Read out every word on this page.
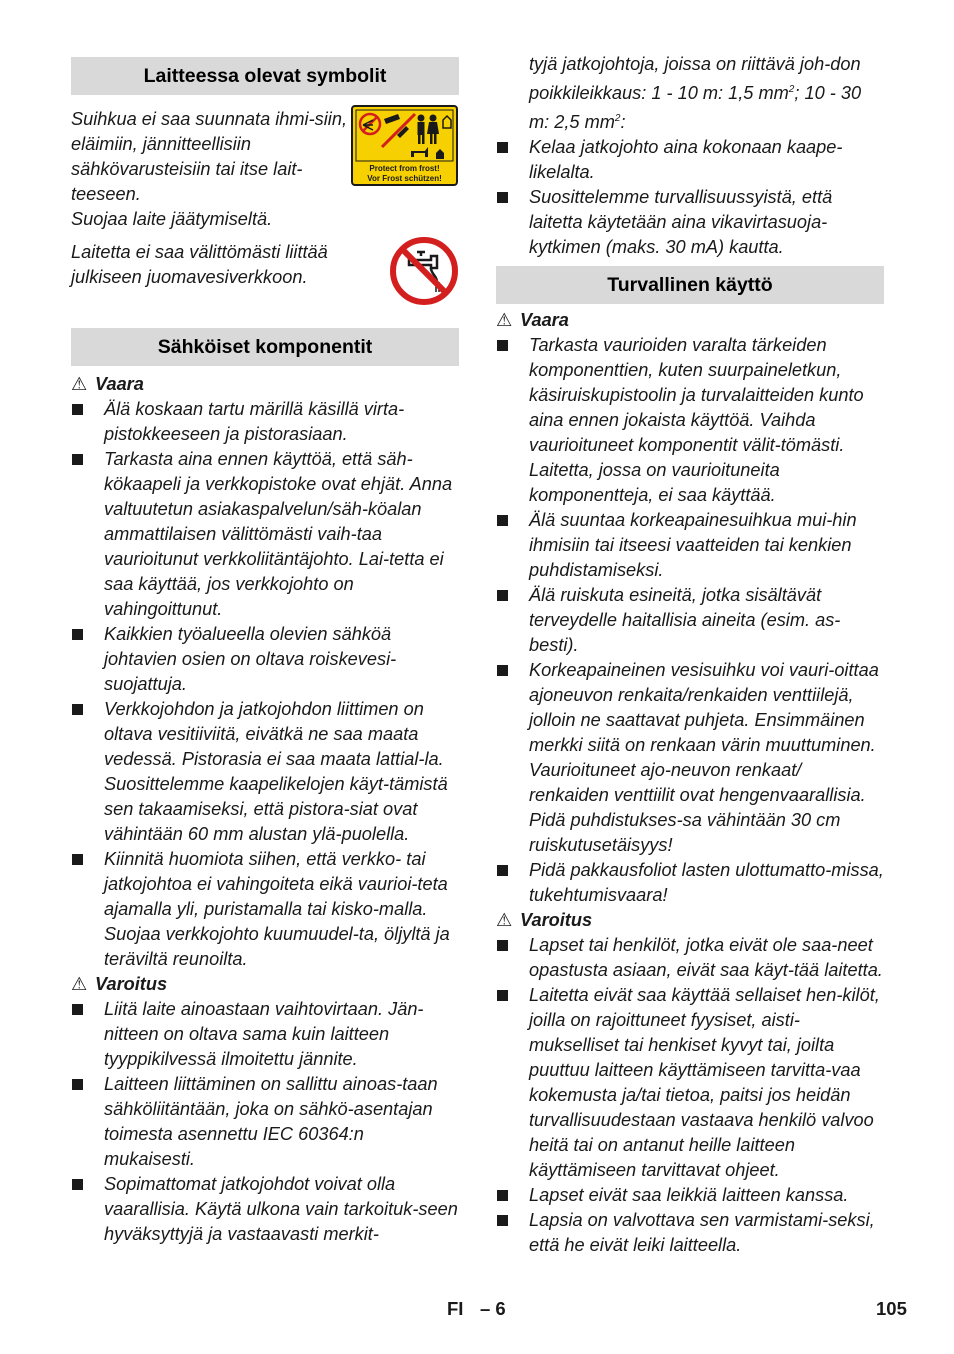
Laitteessa olevat symbolit

Suihkua ei saa suunnata ihmi-siin, eläimiin, jännitteellisiin sähkövarusteisiin tai itse lait-teeseen.

Suojaa laite jäätymiseltä.

Protect from frost!
Vor Frost schützen!

Laitetta ei saa välittömästi liittää julkiseen juomavesiverkkoon.

Sähköiset komponentit

⚠ Vaara

Älä koskaan tartu märillä käsillä virta-pistokkeeseen ja pistorasiaan.
Tarkasta aina ennen käyttöä, että säh-kökaapeli ja verkkopistoke ovat ehjät. Anna valtuutetun asiakaspalvelun/säh-köalan ammattilaisen välittömästi vaih-taa vaurioitunut verkkoliitäntäjohto. Lai-tetta ei saa käyttää, jos verkkojohto on vahingoittunut.
Kaikkien työalueella olevien sähköä johtavien osien on oltava roiskevesi-suojattuja.
Verkkojohdon ja jatkojohdon liittimen on oltava vesitiiviitä, eivätkä ne saa maata vedessä. Pistorasia ei saa maata lattial-la. Suosittelemme kaapelikelojen käyt-tämistä sen takaamiseksi, että pistora-siat ovat vähintään 60 mm alustan ylä-puolella.
Kiinnitä huomiota siihen, että verkko- tai jatkojohtoa ei vahingoiteta eikä vaurioi-teta ajamalla yli, puristamalla tai kisko-malla. Suojaa verkkojohto kuumuudel-ta, öljyltä ja teräviltä reunoilta.

⚠ Varoitus

Liitä laite ainoastaan vaihtovirtaan. Jän-nitteen on oltava sama kuin laitteen tyyppikilvessä ilmoitettu jännite.
Laitteen liittäminen on sallittu ainoas-taan sähköliitäntään, joka on sähkö-asentajan toimesta asennettu IEC 60364:n mukaisesti.
Sopimattomat jatkojohdot voivat olla vaarallisia. Käytä ulkona vain tarkoituk-seen hyväksyttyjä ja vastaavasti merkit-

tyjä jatkojohtoja, joissa on riittävä joh-don poikkileikkaus: 1 - 10 m: 1,5 $mm^2$; 10 - 30 m: 2,5 $mm^2$:

Kelaa jatkojohto aina kokonaan kaape-likelalta.
Suosittelemme turvallisuussyistä, että laitetta käytetään aina vikavirtasuoja-kytkimen (maks. 30 mA) kautta.
Turvallinen käyttö

⚠ Vaara

Tarkasta vaurioiden varalta tärkeiden komponenttien, kuten suurpaineletkun, käsiruiskupistoolin ja turvalaitteiden kunto aina ennen jokaista käyttöä. Vaihda vaurioituneet komponentit välit-tömästi. Laitetta, jossa on vaurioituneita komponentteja, ei saa käyttää.
Älä suuntaa korkeapainesuihkua mui-hin ihmisiin tai itseesi vaatteiden tai kenkien puhdistamiseksi.
Älä ruiskuta esineitä, jotka sisältävät terveydelle haitallisia aineita (esim. as-besti).
Korkeapaineinen vesisuihku voi vauri-oittaa ajoneuvon renkaita/renkaiden venttiilejä, jolloin ne saattavat puhjeta. Ensimmäinen merkki siitä on renkaan värin muuttuminen. Vaurioituneet ajo-neuvon renkaat/ renkaiden venttiilit ovat hengenvaarallisia. Pidä puhdistukses-sa vähintään 30 cm ruiskutusetäisyys!
Pidä pakkausfoliot lasten ulottumatto-missa, tukehtumisvaara!

⚠ Varoitus

Lapset tai henkilöt, jotka eivät ole saa-neet opastusta asiaan, eivät saa käyt-tää laitetta.
Laitetta eivät saa käyttää sellaiset hen-kilöt, joilla on rajoittuneet fyysiset, aisti-mukselliset tai henkiset kyvyt tai, joilta puuttuu laitteen käyttämiseen tarvitta-vaa kokemusta ja/tai tietoa, paitsi jos heidän turvallisuudestaan vastaava henkilö valvoo heitä tai on antanut heille laitteen käyttämiseen tarvittavat ohjeet.
Lapset eivät saa leikkiä laitteen kanssa.
Lapsia on valvottava sen varmistami-seksi, että he eivät leiki laitteella.
FI – 6	105
